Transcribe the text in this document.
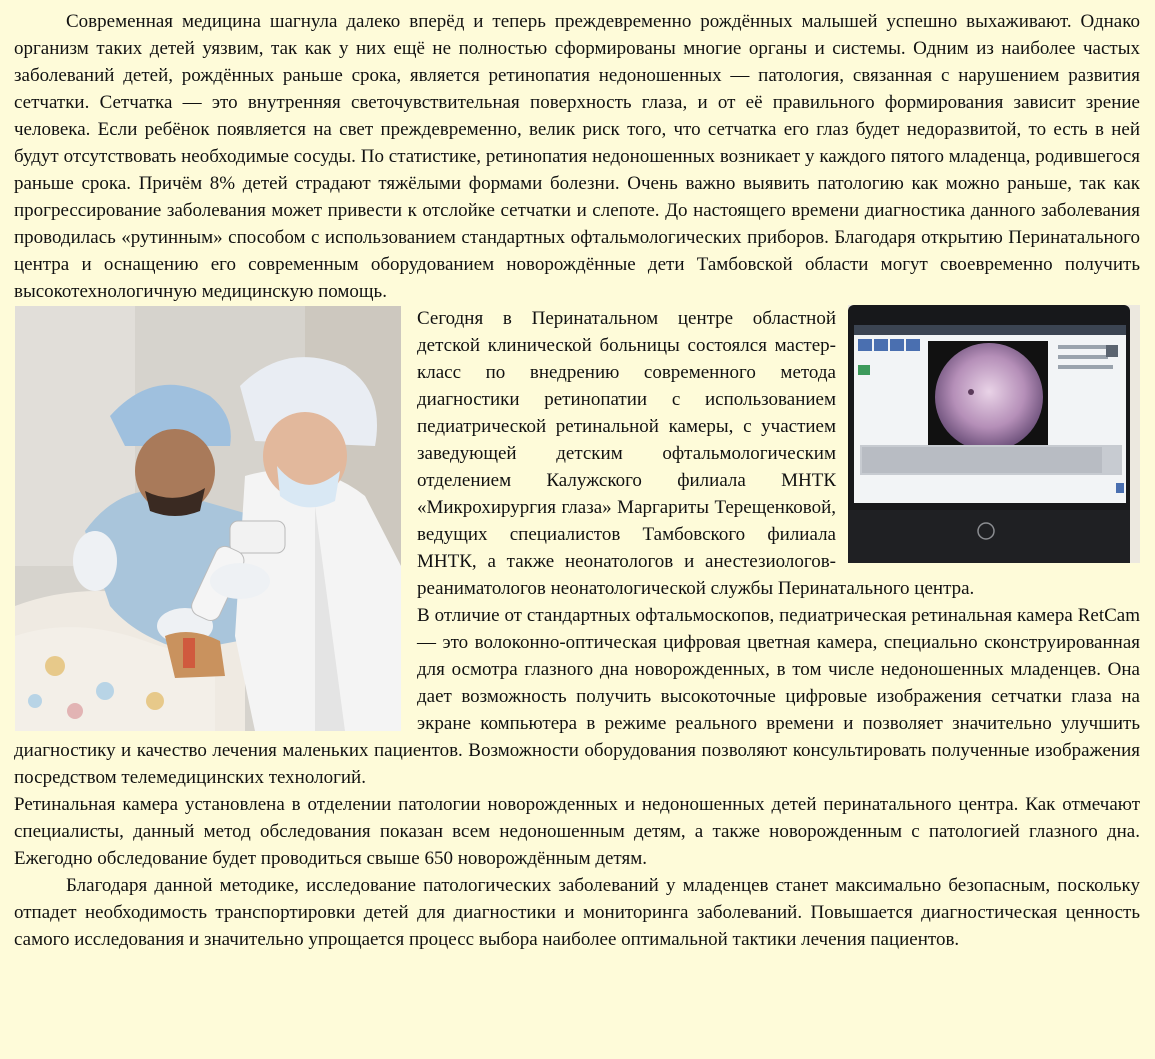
Современная медицина шагнула далеко вперёд и теперь преждевременно рождённых малышей успешно выхаживают. Однако организм таких детей уязвим, так как у них ещё не полностью сформированы многие органы и системы. Одним из наиболее частых заболеваний детей, рождённых раньше срока, является ретинопатия недоношенных — патология, связанная с нарушением развития сетчатки. Сетчатка — это внутренняя светочувствительная поверхность глаза, и от её правильного формирования зависит зрение человека. Если ребёнок появляется на свет преждевременно, велик риск того, что сетчатка его глаз будет недоразвитой, то есть в ней будут отсутствовать необходимые сосуды. По статистике, ретинопатия недоношенных возникает у каждого пятого младенца, родившегося раньше срока. Причём 8% детей страдают тяжёлыми формами болезни. Очень важно выявить патологию как можно раньше, так как прогрессирование заболевания может привести к отслойке сетчатки и слепоте. До настоящего времени диагностика данного заболевания проводилась «рутинным» способом с использованием стандартных офтальмологических приборов. Благодаря открытию Перинатального центра и оснащению его современным оборудованием новорождённые дети Тамбовской области могут своевременно получить высокотехнологичную медицинскую помощь.

Сегодня в Перинатальном центре областной детской клинической больницы состоялся мастер-класс по внедрению современного метода диагностики ретинопатии с использованием педиатрической ретинальной камеры, с участием заведующей детским офтальмологическим отделением Калужского филиала МНТК «Микрохирургия глаза» Маргариты Терещенковой, ведущих специалистов Тамбовского филиала МНТК, а также неонатологов и анестезиологов-реаниматологов неонатологической службы Перинатального центра.

В отличие от стандартных офтальмоскопов, педиатрическая ретинальная камера RetCam — это волоконно-оптическая цифровая цветная камера, специально сконструированная для осмотра глазного дна новорожденных, в том числе недоношенных младенцев. Она дает возможность получить высокоточные цифровые изображения сетчатки глаза на экране компьютера в режиме реального времени и позволяет значительно улучшить диагностику и качество лечения маленьких пациентов. Возможности оборудования позволяют консультировать полученные изображения посредством телемедицинских технологий.

Ретинальная камера установлена в отделении патологии новорожденных и недоношенных детей перинатального центра. Как отмечают специалисты, данный метод обследования показан всем недоношенным детям, а также новорожденным с патологией глазного дна. Ежегодно обследование будет проводиться свыше 650 новорождённым детям.

Благодаря данной методике, исследование патологических заболеваний у младенцев станет максимально безопасным, поскольку отпадет необходимость транспортировки детей для диагностики и мониторинга заболеваний. Повышается диагностическая ценность самого исследования и значительно упрощается процесс выбора наиболее оптимальной тактики лечения пациентов.
